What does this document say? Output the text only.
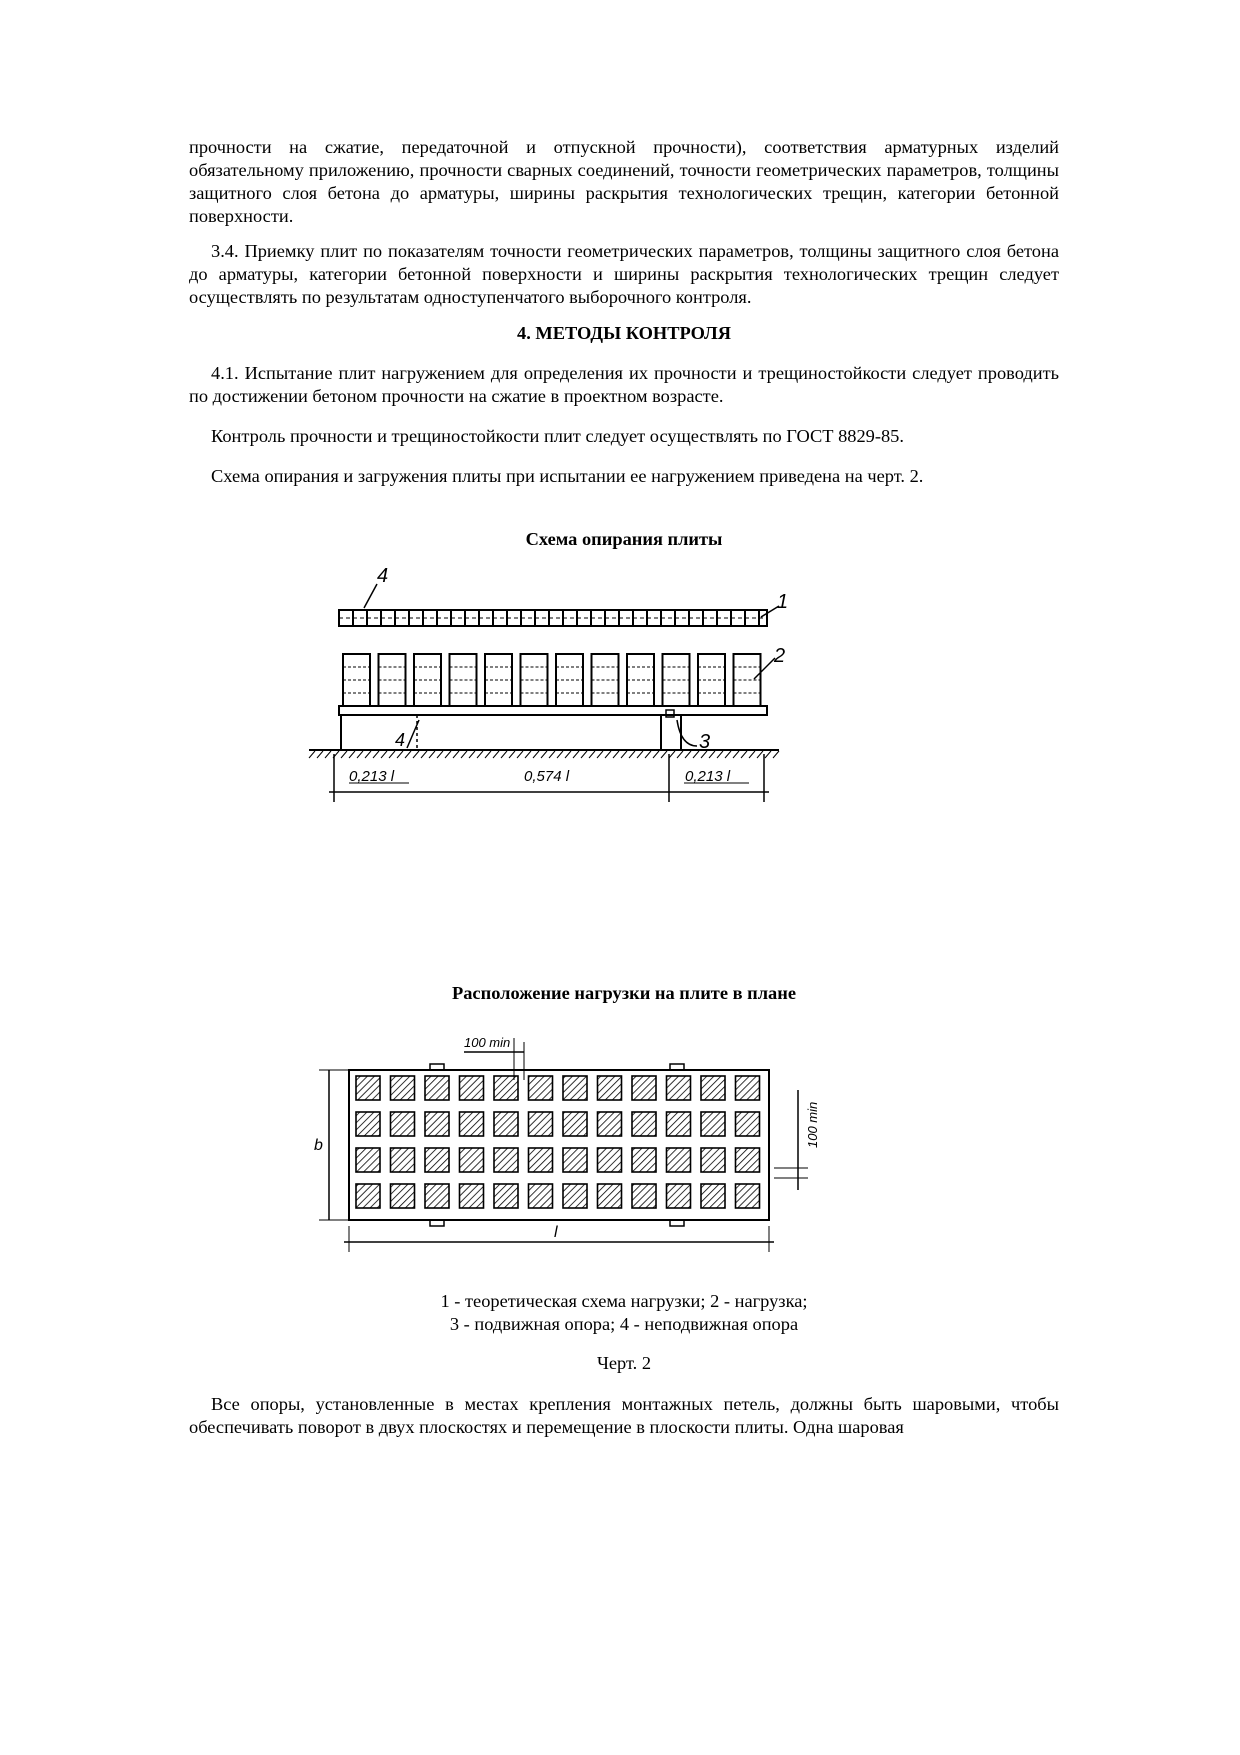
прочности на сжатие, передаточной и отпускной прочности), соответствия арматурных изделий обязательному приложению, прочности сварных соединений, точности геометрических параметров, толщины защитного слоя бетона до арматуры, ширины раскрытия технологических трещин, категории бетонной поверхности.

3.4. Приемку плит по показателям точности геометрических параметров, толщины защитного слоя бетона до арматуры, категории бетонной поверхности и ширины раскрытия технологических трещин следует осуществлять по результатам одноступенчатого выборочного контроля.

4. МЕТОДЫ КОНТРОЛЯ

4.1. Испытание плит нагружением для определения их прочности и трещиностойкости следует проводить по достижении бетоном прочности на сжатие в проектном возрасте.

Контроль прочности и трещиностойкости плит следует осуществлять по ГОСТ 8829-85.

Схема опирания и загружения плиты при испытании ее нагружением приведена на черт. 2.

Схема опирания плиты

4
1
2
3
4
0,213 l	0,574 l	0,213 l

Расположение нагрузки на плите в плане

100 min
100 min
l
b

1 - теоретическая схема нагрузки; 2 - нагрузка;

3 - подвижная опора; 4 - неподвижная опора

Черт. 2

Все опоры, установленные в местах крепления монтажных петель, должны быть шаровыми, чтобы обеспечивать поворот в двух плоскостях и перемещение в плоскости плиты. Одна шаровая
